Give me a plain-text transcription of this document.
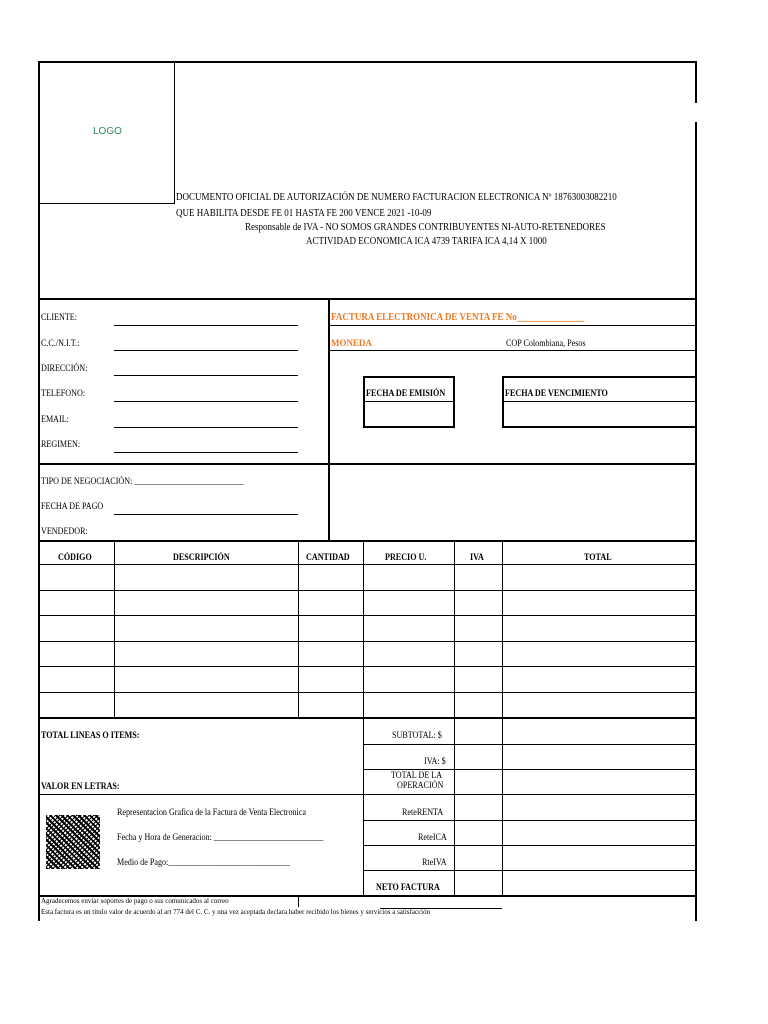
LOGO
DOCUMENTO OFICIAL DE AUTORIZACIÓN DE NUMERO FACTURACION ELECTRONICA Nº 18763003082210
QUE HABILITA DESDE FE 01 HASTA FE 200 VENCE 2021 -10-09
Responsable de IVA - NO SOMOS GRANDES CONTRIBUYENTES NI-AUTO-RETENEDORES
ACTIVIDAD ECONOMICA ICA 4739 TARIFA ICA 4,14 X 1000
CLIENTE:
C.C./N.I.T.:
DIRECCIÓN:
TELEFONO:
EMAIL:
REGIMEN:
FACTURA ELECTRONICA DE VENTA FE No_______________
MONEDA	COP Colombiana, Pesos
FECHA DE EMISIÓN	FECHA DE VENCIMIENTO
TIPO DE NEGOCIACIÓN: ___________________________
FECHA DE PAGO
VENDEDOR:
CÓDIGO	DESCRIPCIÓN	CANTIDAD	PRECIO U.	IVA	TOTAL
TOTAL LINEAS O ITEMS:
VALOR EN LETRAS:
SUBTOTAL: $
IVA: $
TOTAL DE LA
OPERACIÓN
ReteRENTA
ReteICA
RteIVA
NETO FACTURA
Representacion Grafica de la Factura de Venta Electronica
Fecha y Hora de Generacion: ___________________________
Medio de Pago:______________________________
Agradecemos enviar soportes de pago o sus comunicados al correo
Esta factura es un titulo valor de acuerdo al art 774 del C. C. y una vez aceptada declara haber recibido los bienes y servicios a satisfacción
